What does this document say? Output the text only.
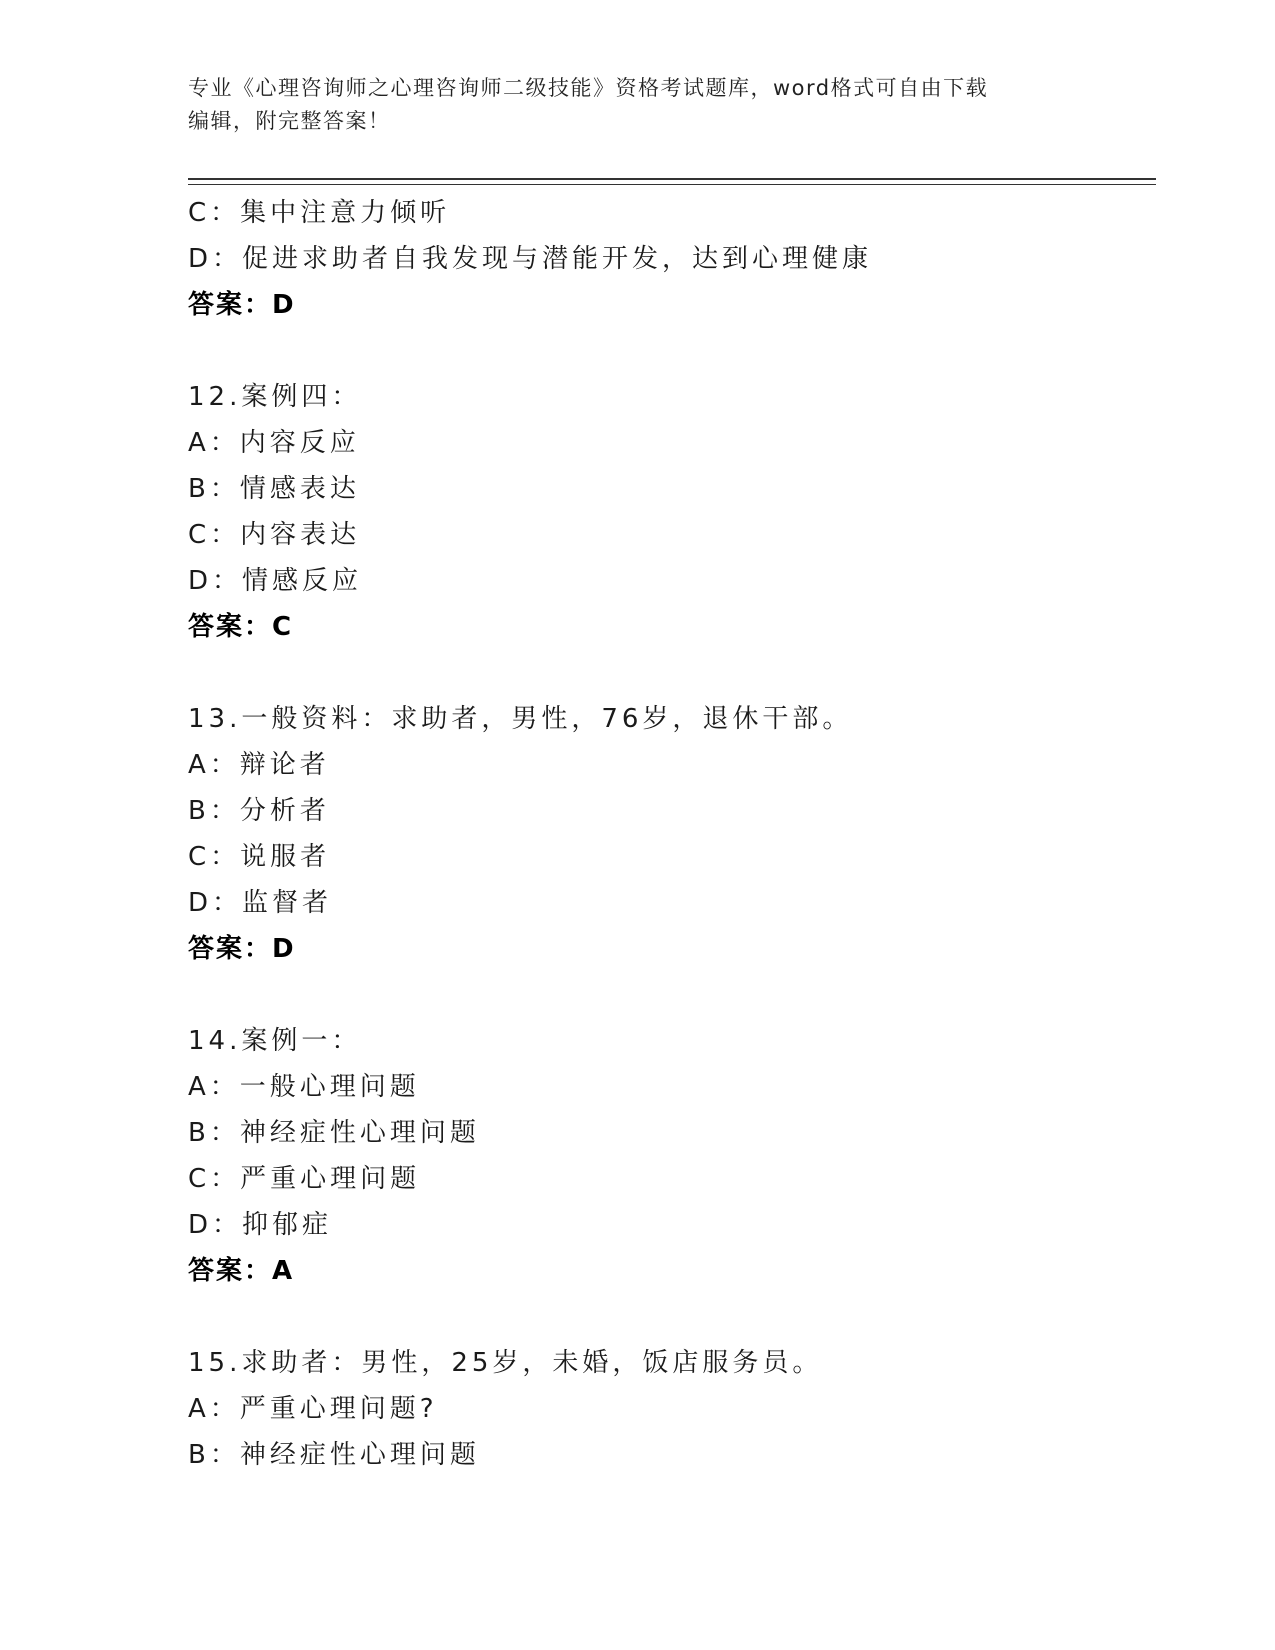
专业《心理咨询师之心理咨询师二级技能》资格考试题库，word格式可自由下载
编辑，附完整答案！
C：集中注意力倾听
D：促进求助者自我发现与潜能开发，达到心理健康
答案：D
12.案例四：
A：内容反应
B：情感表达
C：内容表达
D：情感反应
答案：C
13.一般资料：求助者，男性，76岁，退休干部。
A：辩论者
B：分析者
C：说服者
D：监督者
答案：D
14.案例一：
A：一般心理问题
B：神经症性心理问题
C：严重心理问题
D：抑郁症
答案：A
15.求助者：男性，25岁，未婚，饭店服务员。
A：严重心理问题?
B：神经症性心理问题
